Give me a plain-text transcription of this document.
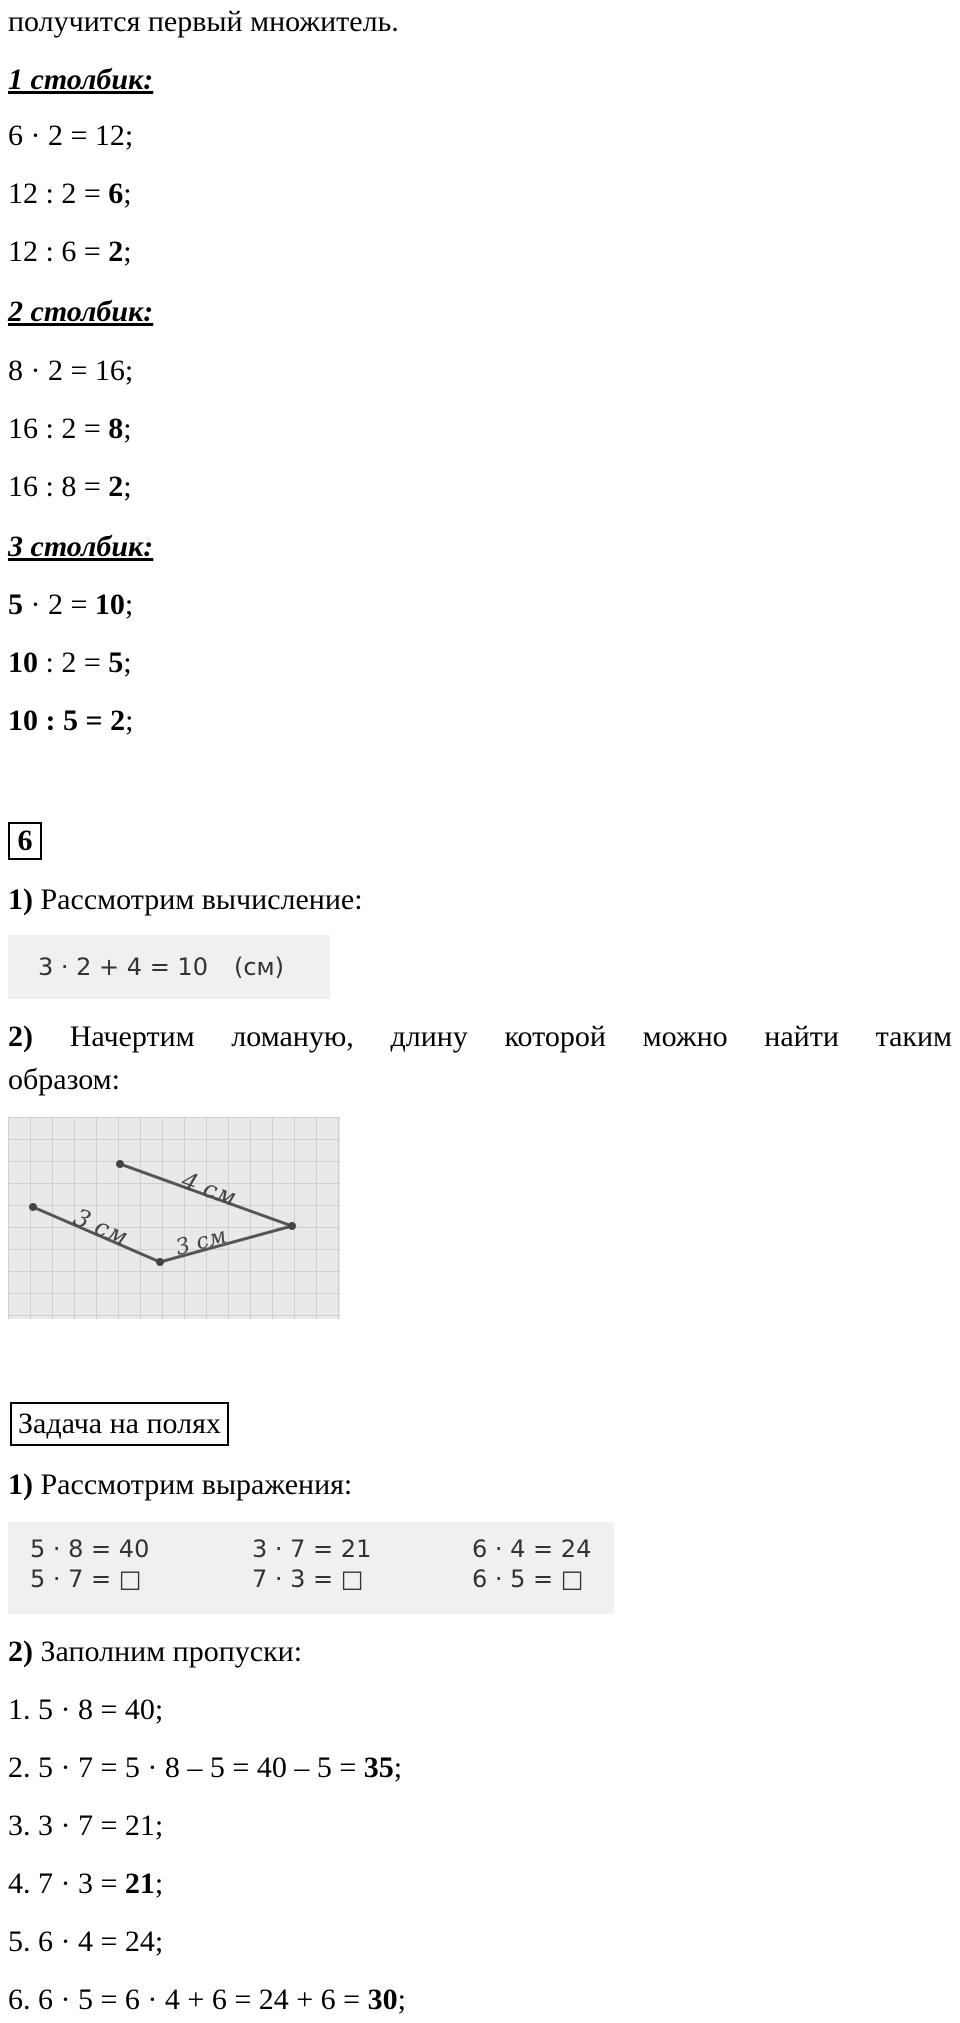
получится первый множитель.
1 столбик:
6 · 2 = 12;
12 : 2 = 6;
12 : 6 = 2;
2 столбик:
8 · 2 = 16;
16 : 2 = 8;
16 : 8 = 2;
3 столбик:
5 · 2 = 10;
10 : 2 = 5;
10 : 5 = 2;
6
1) Рассмотрим вычисление:
3 · 2 + 4 = 10 (см)
2) Начертим ломаную, длину которой можно найти таким
образом:
4 см
3 см 3 см
Задача на полях
1) Рассмотрим выражения:
5 · 8 = 40
5 · 7 = □
3 · 7 = 21
7 · 3 = □
6 · 4 = 24
6 · 5 = □
2) Заполним пропуски:
1. 5 · 8 = 40;
2. 5 · 7 = 5 · 8 – 5 = 40 – 5 = 35;
3. 3 · 7 = 21;
4. 7 · 3 = 21;
5. 6 · 4 = 24;
6. 6 · 5 = 6 · 4 + 6 = 24 + 6 = 30;
